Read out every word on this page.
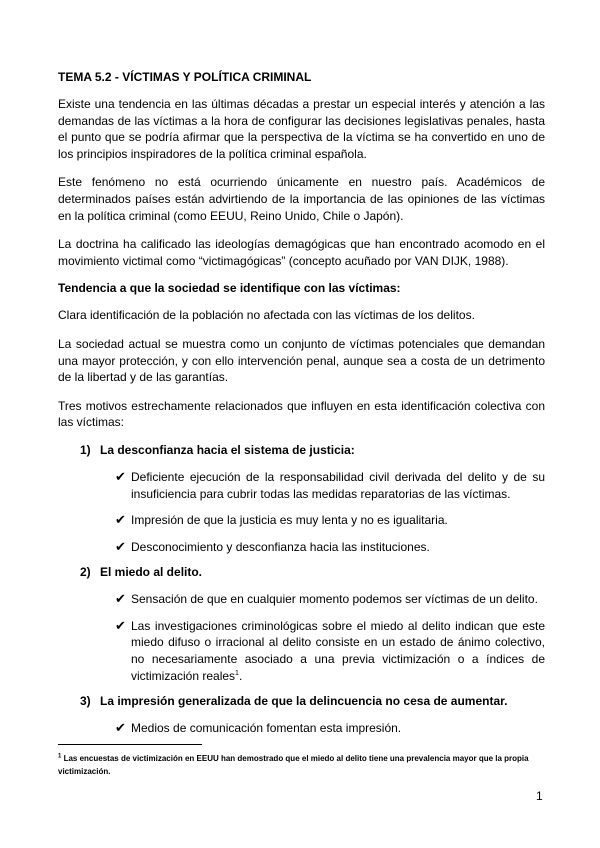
TEMA 5.2 - VÍCTIMAS Y POLÍTICA CRIMINAL

Existe una tendencia en las últimas décadas a prestar un especial interés y atención a las demandas de las víctimas a la hora de configurar las decisiones legislativas penales, hasta el punto que se podría afirmar que la perspectiva de la víctima se ha convertido en uno de los principios inspiradores de la política criminal española.

Este fenómeno no está ocurriendo únicamente en nuestro país. Académicos de determinados países están advirtiendo de la importancia de las opiniones de las víctimas en la política criminal (como EEUU, Reino Unido, Chile o Japón).

La doctrina ha calificado las ideologías demagógicas que han encontrado acomodo en el movimiento victimal como “victimagógicas” (concepto acuñado por VAN DIJK, 1988).

Tendencia a que la sociedad se identifique con las víctimas:

Clara identificación de la población no afectada con las víctimas de los delitos.

La sociedad actual se muestra como un conjunto de víctimas potenciales que demandan una mayor protección, y con ello intervención penal, aunque sea a costa de un detrimento de la libertad y de las garantías.

Tres motivos estrechamente relacionados que influyen en esta identificación colectiva con las víctimas:

1) La desconfianza hacia el sistema de justicia:
✔ Deficiente ejecución de la responsabilidad civil derivada del delito y de su insuficiencia para cubrir todas las medidas reparatorias de las víctimas.
✔ Impresión de que la justicia es muy lenta y no es igualitaria.
✔ Desconocimiento y desconfianza hacia las instituciones.
2) El miedo al delito.
✔ Sensación de que en cualquier momento podemos ser víctimas de un delito.
✔ Las investigaciones criminológicas sobre el miedo al delito indican que este miedo difuso o irracional al delito consiste en un estado de ánimo colectivo, no necesariamente asociado a una previa victimización o a índices de victimización reales$^1$.
3) La impresión generalizada de que la delincuencia no cesa de aumentar.
✔ Medios de comunicación fomentan esta impresión.
$^1$ Las encuestas de victimización en EEUU han demostrado que el miedo al delito tiene una prevalencia mayor que la propia victimización.
1
